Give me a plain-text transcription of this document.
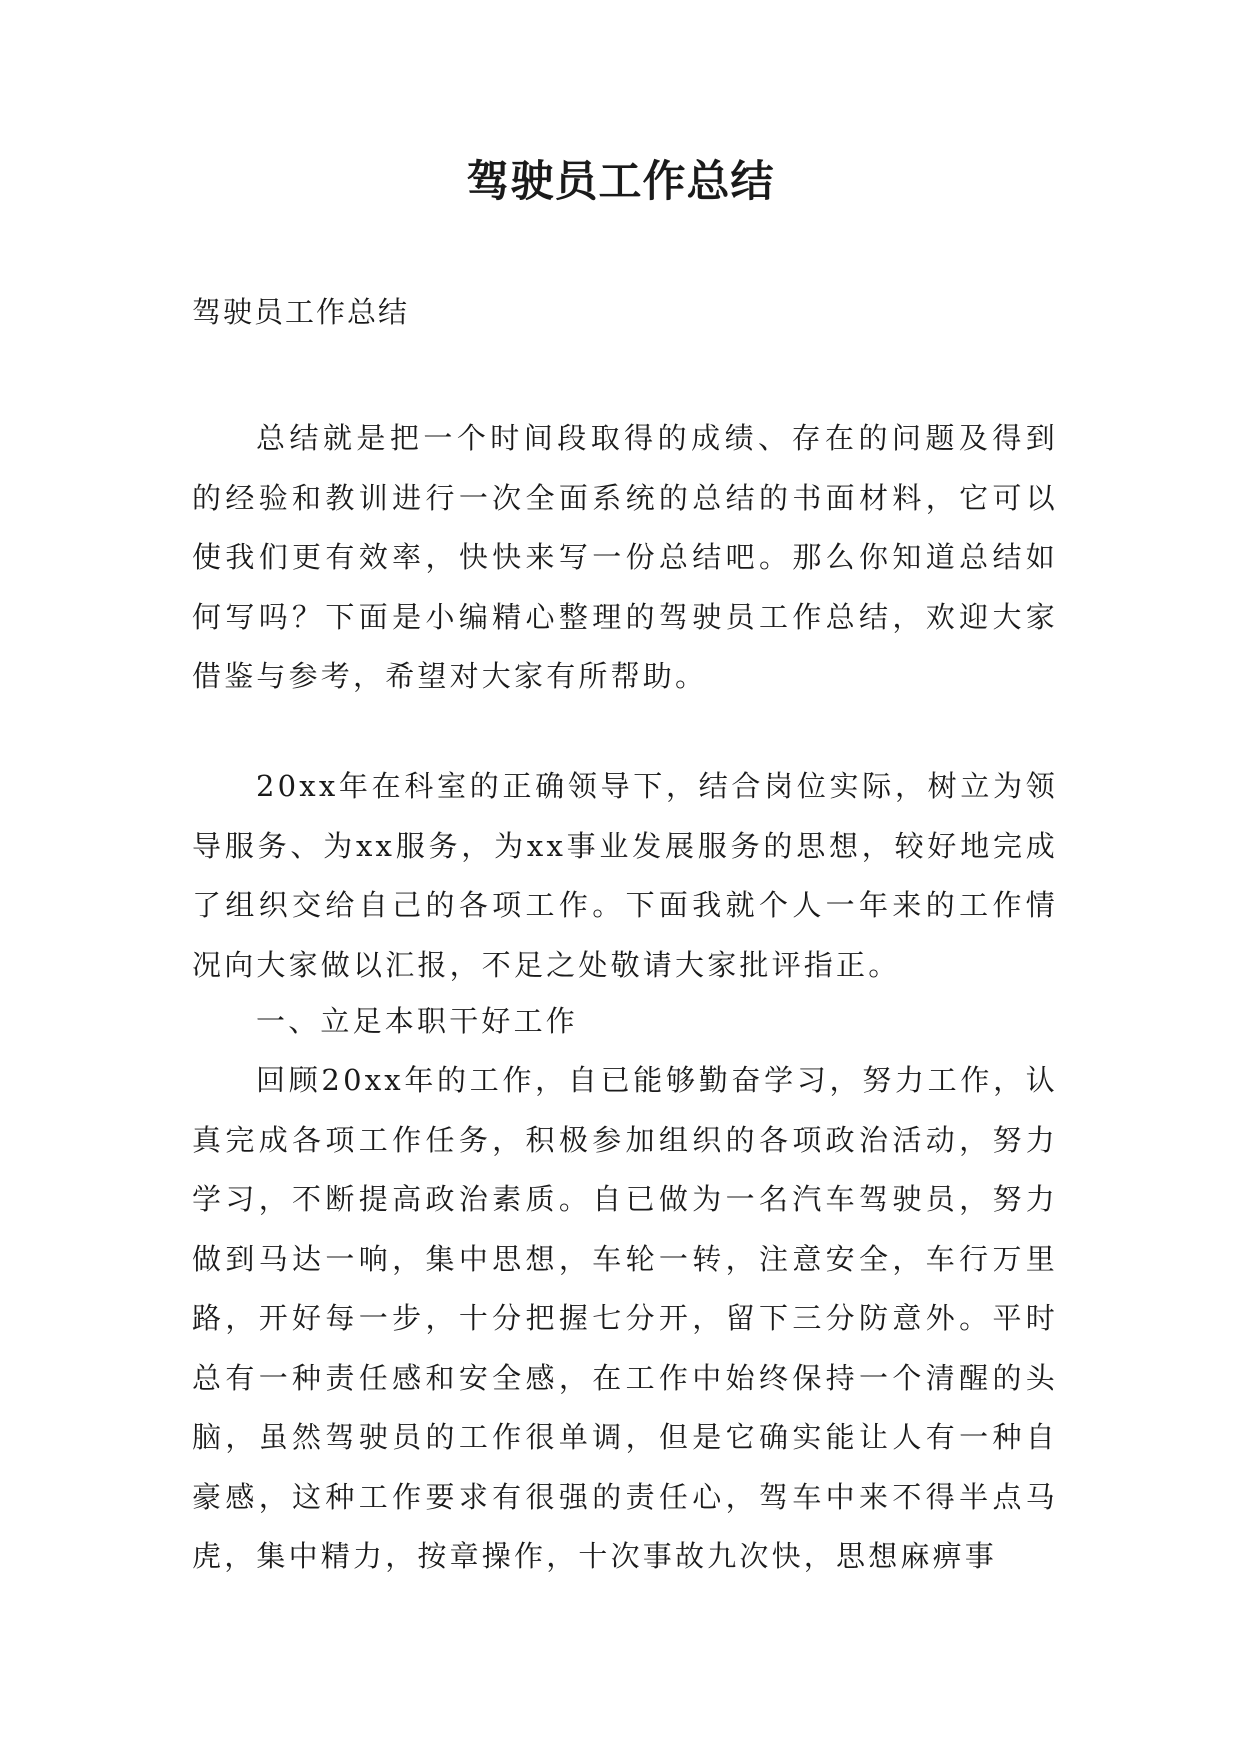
驾驶员工作总结
驾驶员工作总结

总结就是把一个时间段取得的成绩、存在的问题及得到的经验和教训进行一次全面系统的总结的书面材料，它可以使我们更有效率，快快来写一份总结吧。那么你知道总结如何写吗？下面是小编精心整理的驾驶员工作总结，欢迎大家借鉴与参考，希望对大家有所帮助。

20xx年在科室的正确领导下，结合岗位实际，树立为领导服务、为xx服务，为xx事业发展服务的思想，较好地完成了组织交给自己的各项工作。下面我就个人一年来的工作情况向大家做以汇报，不足之处敬请大家批评指正。

一、立足本职干好工作

回顾20xx年的工作，自已能够勤奋学习，努力工作，认真完成各项工作任务，积极参加组织的各项政治活动，努力学习，不断提高政治素质。自已做为一名汽车驾驶员，努力做到马达一响，集中思想，车轮一转，注意安全，车行万里路，开好每一步，十分把握七分开，留下三分防意外。平时总有一种责任感和安全感，在工作中始终保持一个清醒的头脑，虽然驾驶员的工作很单调，但是它确实能让人有一种自豪感，这种工作要求有很强的责任心，驾车中来不得半点马虎，集中精力，按章操作，十次事故九次快，思想麻痹事
